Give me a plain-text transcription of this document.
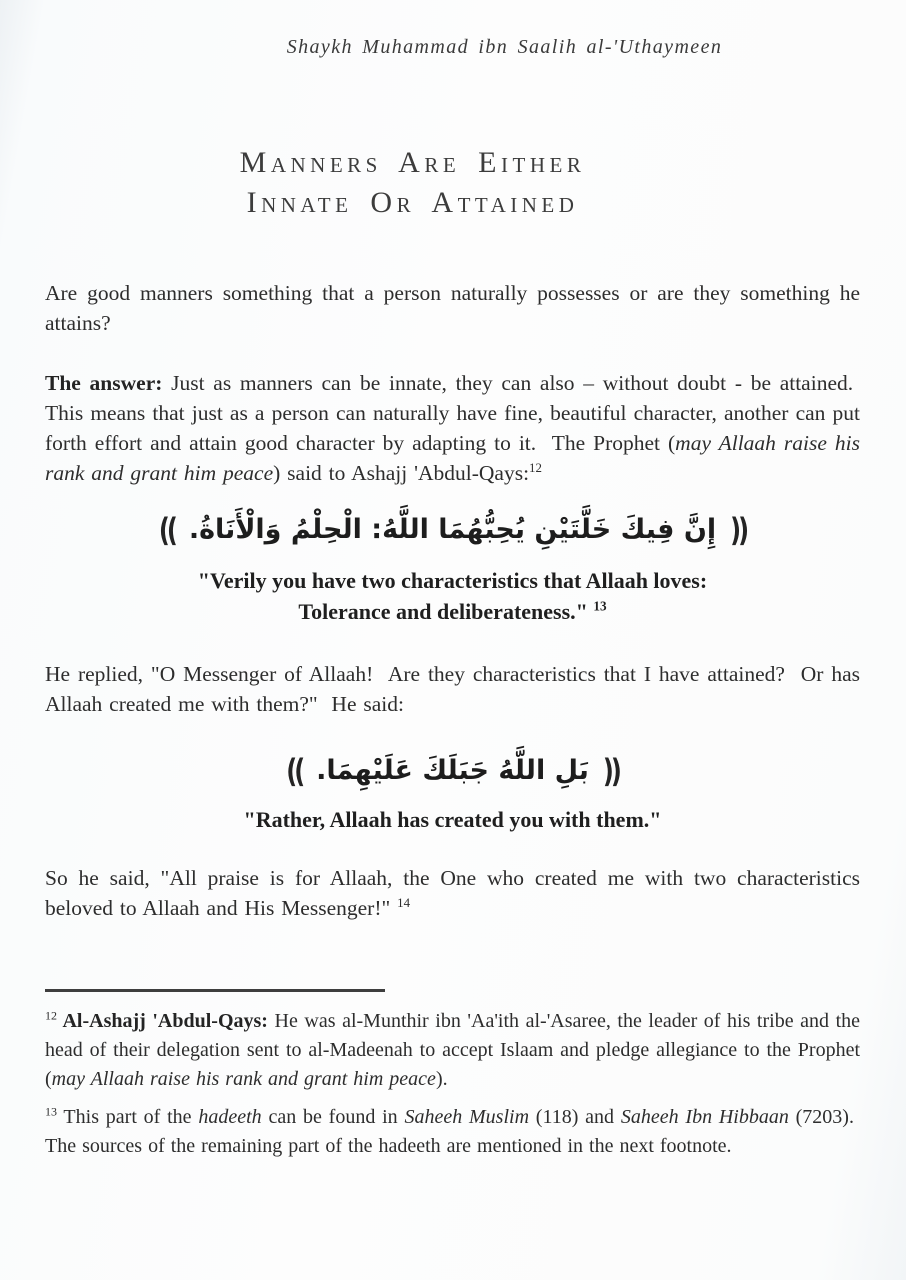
Shaykh Muhammad ibn Saalih al-'Uthaymeen
Manners Are Either
Innate Or Attained

Are good manners something that a person naturally possesses or are they something he attains?

The answer: Just as manners can be innate, they can also – without doubt - be attained.  This means that just as a person can naturally have fine, beautiful character, another can put forth effort and attain good character by adapting to it.  The Prophet (may Allaah raise his rank and grant him peace) said to Ashajj 'Abdul-Qays:$^{12}$

(( إِنَّ فِيكَ خَلَّتَيْنِ يُحِبُّهُمَا اللَّهُ: الْحِلْمُ وَالْأَنَاةُ. ))
"Verily you have two characteristics that Allaah loves:
Tolerance and deliberateness." $^{13}$

He replied, "O Messenger of Allaah!  Are they characteristics that I have attained?  Or has Allaah created me with them?"  He said:

(( بَلِ اللَّهُ جَبَلَكَ عَلَيْهِمَا. ))
"Rather, Allaah has created you with them."

So he said, "All praise is for Allaah, the One who created me with two characteristics beloved to Allaah and His Messenger!" $^{14}$

$^{12}$ Al-Ashajj 'Abdul-Qays: He was al-Munthir ibn 'Aa'ith al-'Asaree, the leader of his tribe and the head of their delegation sent to al-Madeenah to accept Islaam and pledge allegiance to the Prophet (may Allaah raise his rank and grant him peace).
$^{13}$ This part of the hadeeth can be found in Saheeh Muslim (118) and Saheeh Ibn Hibbaan (7203).  The sources of the remaining part of the hadeeth are mentioned in the next footnote.
